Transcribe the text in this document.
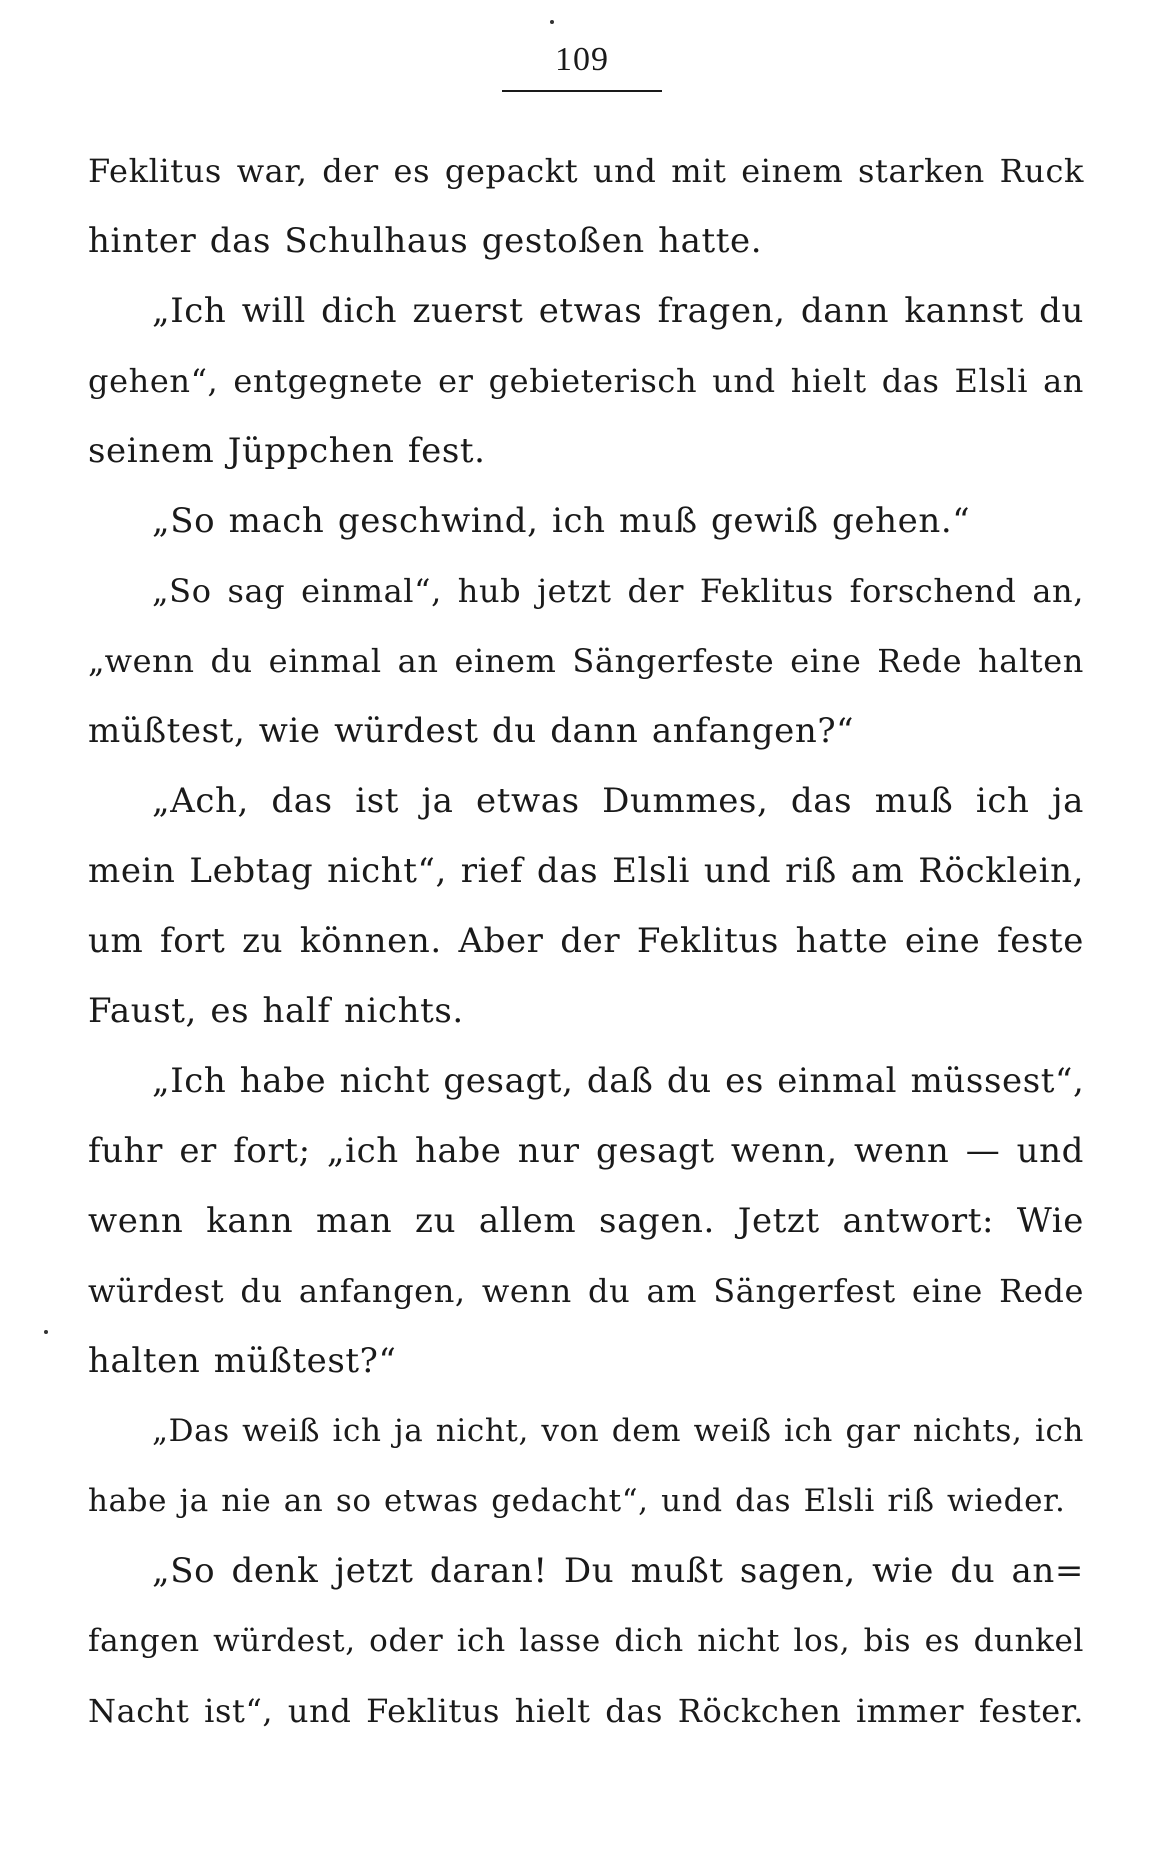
109
Feklitus war, der es gepackt und mit einem starken Ruck
hinter das Schulhaus gestoßen hatte.
„Ich will dich zuerst etwas fragen, dann kannst du
gehen“, entgegnete er gebieterisch und hielt das Elsli an
seinem Jüppchen fest.
„So mach geschwind, ich muß gewiß gehen.“
„So sag einmal“, hub jetzt der Feklitus forschend an,
„wenn du einmal an einem Sängerfeste eine Rede halten
müßtest, wie würdest du dann anfangen?“
„Ach, das ist ja etwas Dummes, das muß ich ja
mein Lebtag nicht“, rief das Elsli und riß am Röcklein,
um fort zu können. Aber der Feklitus hatte eine feste
Faust, es half nichts.
„Ich habe nicht gesagt, daß du es einmal müssest“,
fuhr er fort; „ich habe nur gesagt wenn, wenn — und
wenn kann man zu allem sagen. Jetzt antwort: Wie
würdest du anfangen, wenn du am Sängerfest eine Rede
halten müßtest?“
„Das weiß ich ja nicht, von dem weiß ich gar nichts, ich
habe ja nie an so etwas gedacht“, und das Elsli riß wieder.
„So denk jetzt daran! Du mußt sagen, wie du an=
fangen würdest, oder ich lasse dich nicht los, bis es dunkel
Nacht ist“, und Feklitus hielt das Röckchen immer fester.
